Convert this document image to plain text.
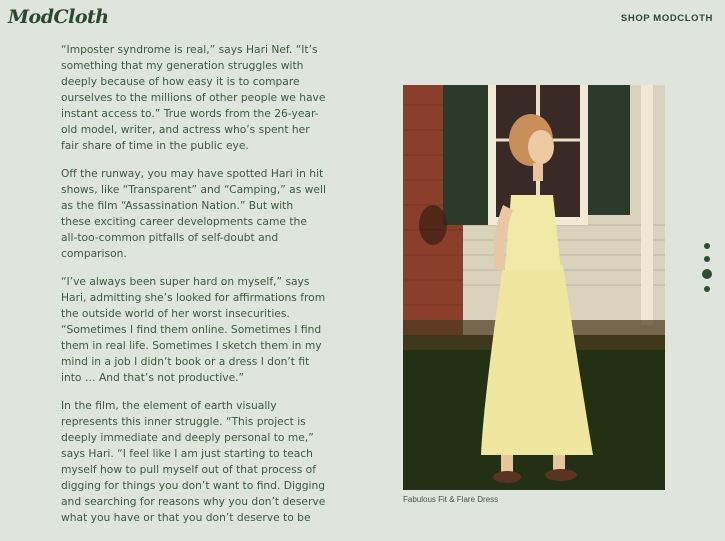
ModCloth	SHOP MODCLOTH

“Imposter syndrome is real,” says Hari Nef. “It’s something that my generation struggles with deeply because of how easy it is to compare ourselves to the millions of other people we have instant access to.” True words from the 26-year-old model, writer, and actress who’s spent her fair share of time in the public eye.

Off the runway, you may have spotted Hari in hit shows, like “Transparent” and “Camping,” as well as the film “Assassination Nation.” But with these exciting career developments came the all-too-common pitfalls of self-doubt and comparison.

“I’ve always been super hard on myself,” says Hari, admitting she’s looked for affirmations from the outside world of her worst insecurities. “Sometimes I find them online. Sometimes I find them in real life. Sometimes I sketch them in my mind in a job I didn’t book or a dress I don’t fit into … And that’s not productive.”

In the film, the element of earth visually represents this inner struggle. “This project is deeply immediate and deeply personal to me,” says Hari. “I feel like I am just starting to teach myself how to pull myself out of that process of digging for things you don’t want to find. Digging and searching for reasons why you don’t deserve what you have or that you don’t deserve to be

Fabulous Fit & Flare Dress
